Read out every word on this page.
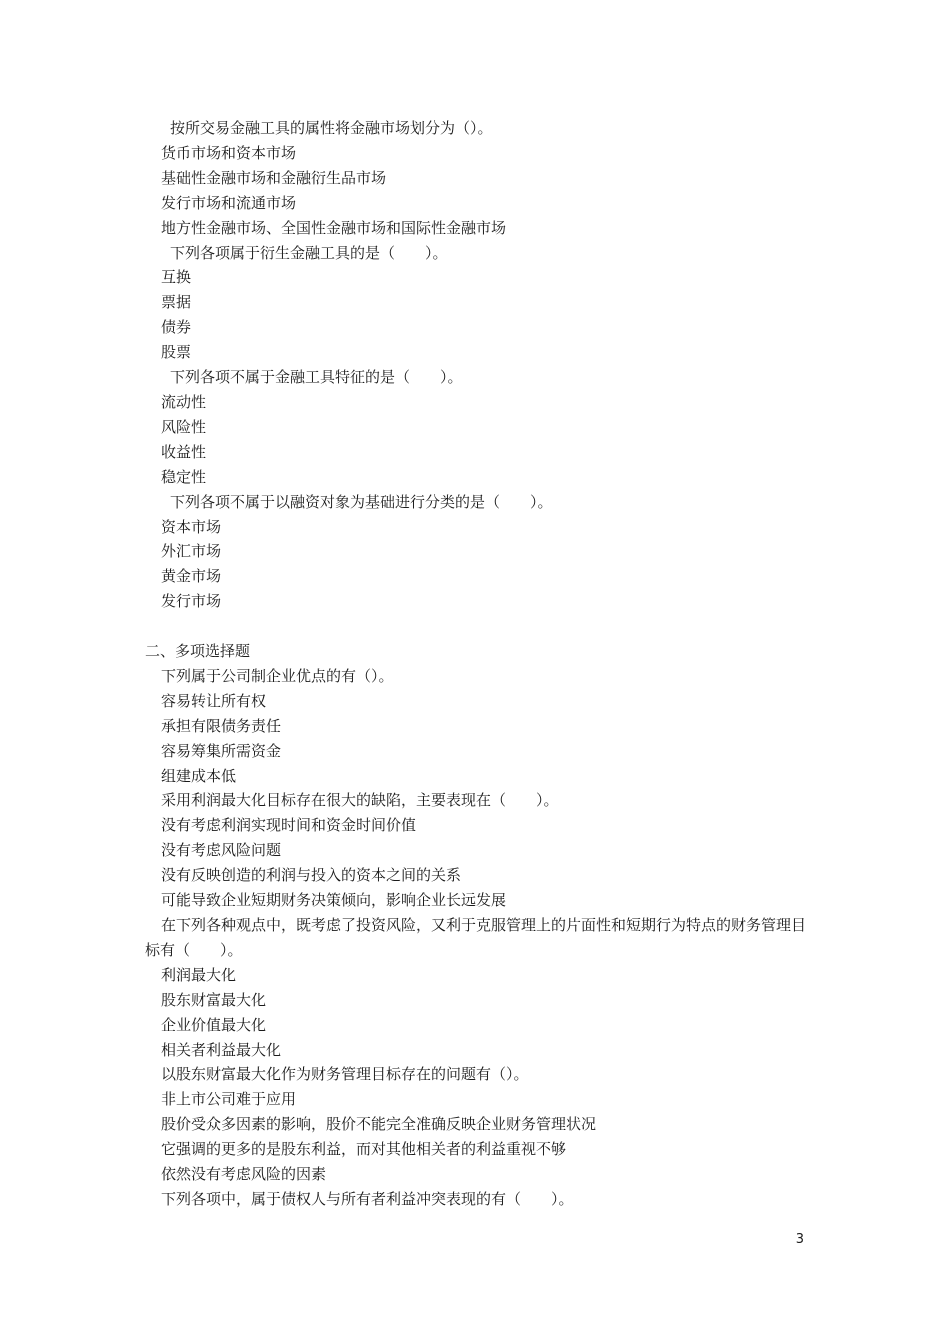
按所交易金融工具的属性将金融市场划分为（）。
货币市场和资本市场
基础性金融市场和金融衍生品市场
发行市场和流通市场
地方性金融市场、全国性金融市场和国际性金融市场
下列各项属于衍生金融工具的是（　　）。
互换
票据
债券
股票
下列各项不属于金融工具特征的是（　　）。
流动性
风险性
收益性
稳定性
下列各项不属于以融资对象为基础进行分类的是（　　）。
资本市场
外汇市场
黄金市场
发行市场
二、多项选择题
下列属于公司制企业优点的有（）。
容易转让所有权
承担有限债务责任
容易筹集所需资金
组建成本低
采用利润最大化目标存在很大的缺陷，主要表现在（　　）。
没有考虑利润实现时间和资金时间价值
没有考虑风险问题
没有反映创造的利润与投入的资本之间的关系
可能导致企业短期财务决策倾向，影响企业长远发展
在下列各种观点中，既考虑了投资风险，又利于克服管理上的片面性和短期行为特点的财务管理目标有（　　）。
利润最大化
股东财富最大化
企业价值最大化
相关者利益最大化
以股东财富最大化作为财务管理目标存在的问题有（）。
非上市公司难于应用
股价受众多因素的影响，股价不能完全准确反映企业财务管理状况
它强调的更多的是股东利益，而对其他相关者的利益重视不够
依然没有考虑风险的因素
下列各项中，属于债权人与所有者利益冲突表现的有（　　）。
3
